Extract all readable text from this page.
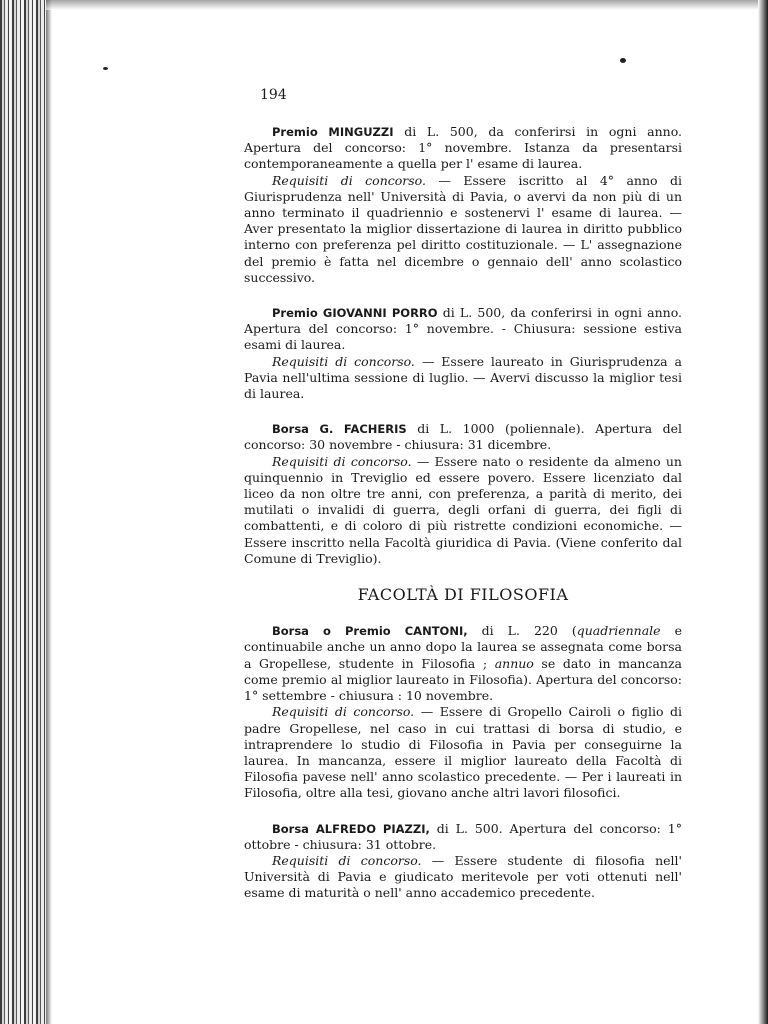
194

Premio MINGUZZI di L. 500, da conferirsi in ogni anno. Apertura del concorso: 1° novembre. Istanza da presentarsi contemporaneamente a quella per l' esame di laurea.

Requisiti di concorso. — Essere iscritto al 4° anno di Giurisprudenza nell' Università di Pavia, o avervi da non più di un anno terminato il quadriennio e sostenervi l' esame di laurea. — Aver presentato la miglior dissertazione di laurea in diritto pubblico interno con preferenza pel diritto costituzionale. — L' assegnazione del premio è fatta nel dicembre o gennaio dell' anno scolastico successivo.

Premio GIOVANNI PORRO di L. 500, da conferirsi in ogni anno. Apertura del concorso: 1° novembre. - Chiusura: sessione estiva esami di laurea.

Requisiti di concorso. — Essere laureato in Giurisprudenza a Pavia nell'ultima sessione di luglio. — Avervi discusso la miglior tesi di laurea.

Borsa G. FACHERIS di L. 1000 (poliennale). Apertura del concorso: 30 novembre - chiusura: 31 dicembre.

Requisiti di concorso. — Essere nato o residente da almeno un quinquennio in Treviglio ed essere povero. Essere licenziato dal liceo da non oltre tre anni, con preferenza, a parità di merito, dei mutilati o invalidi di guerra, degli orfani di guerra, dei figli di combattenti, e di coloro di più ristrette condizioni economiche. — Essere inscritto nella Facoltà giuridica di Pavia. (Viene conferito dal Comune di Treviglio).

FACOLTÀ DI FILOSOFIA

Borsa o Premio CANTONI, di L. 220 (quadriennale e continuabile anche un anno dopo la laurea se assegnata come borsa a Gropellese, studente in Filosofia ; annuo se dato in mancanza come premio al miglior laureato in Filosofia). Apertura del concorso: 1° settembre - chiusura : 10 novembre.

Requisiti di concorso. — Essere di Gropello Cairoli o figlio di padre Gropellese, nel caso in cui trattasi di borsa di studio, e intraprendere lo studio di Filosofia in Pavia per conseguirne la laurea. In mancanza, essere il miglior laureato della Facoltà di Filosofia pavese nell' anno scolastico precedente. — Per i laureati in Filosofia, oltre alla tesi, giovano anche altri lavori filosofici.

Borsa ALFREDO PIAZZI, di L. 500. Apertura del concorso: 1° ottobre - chiusura: 31 ottobre.

Requisiti di concorso. — Essere studente di filosofia nell' Università di Pavia e giudicato meritevole per voti ottenuti nell' esame di maturità o nell' anno accademico precedente.
